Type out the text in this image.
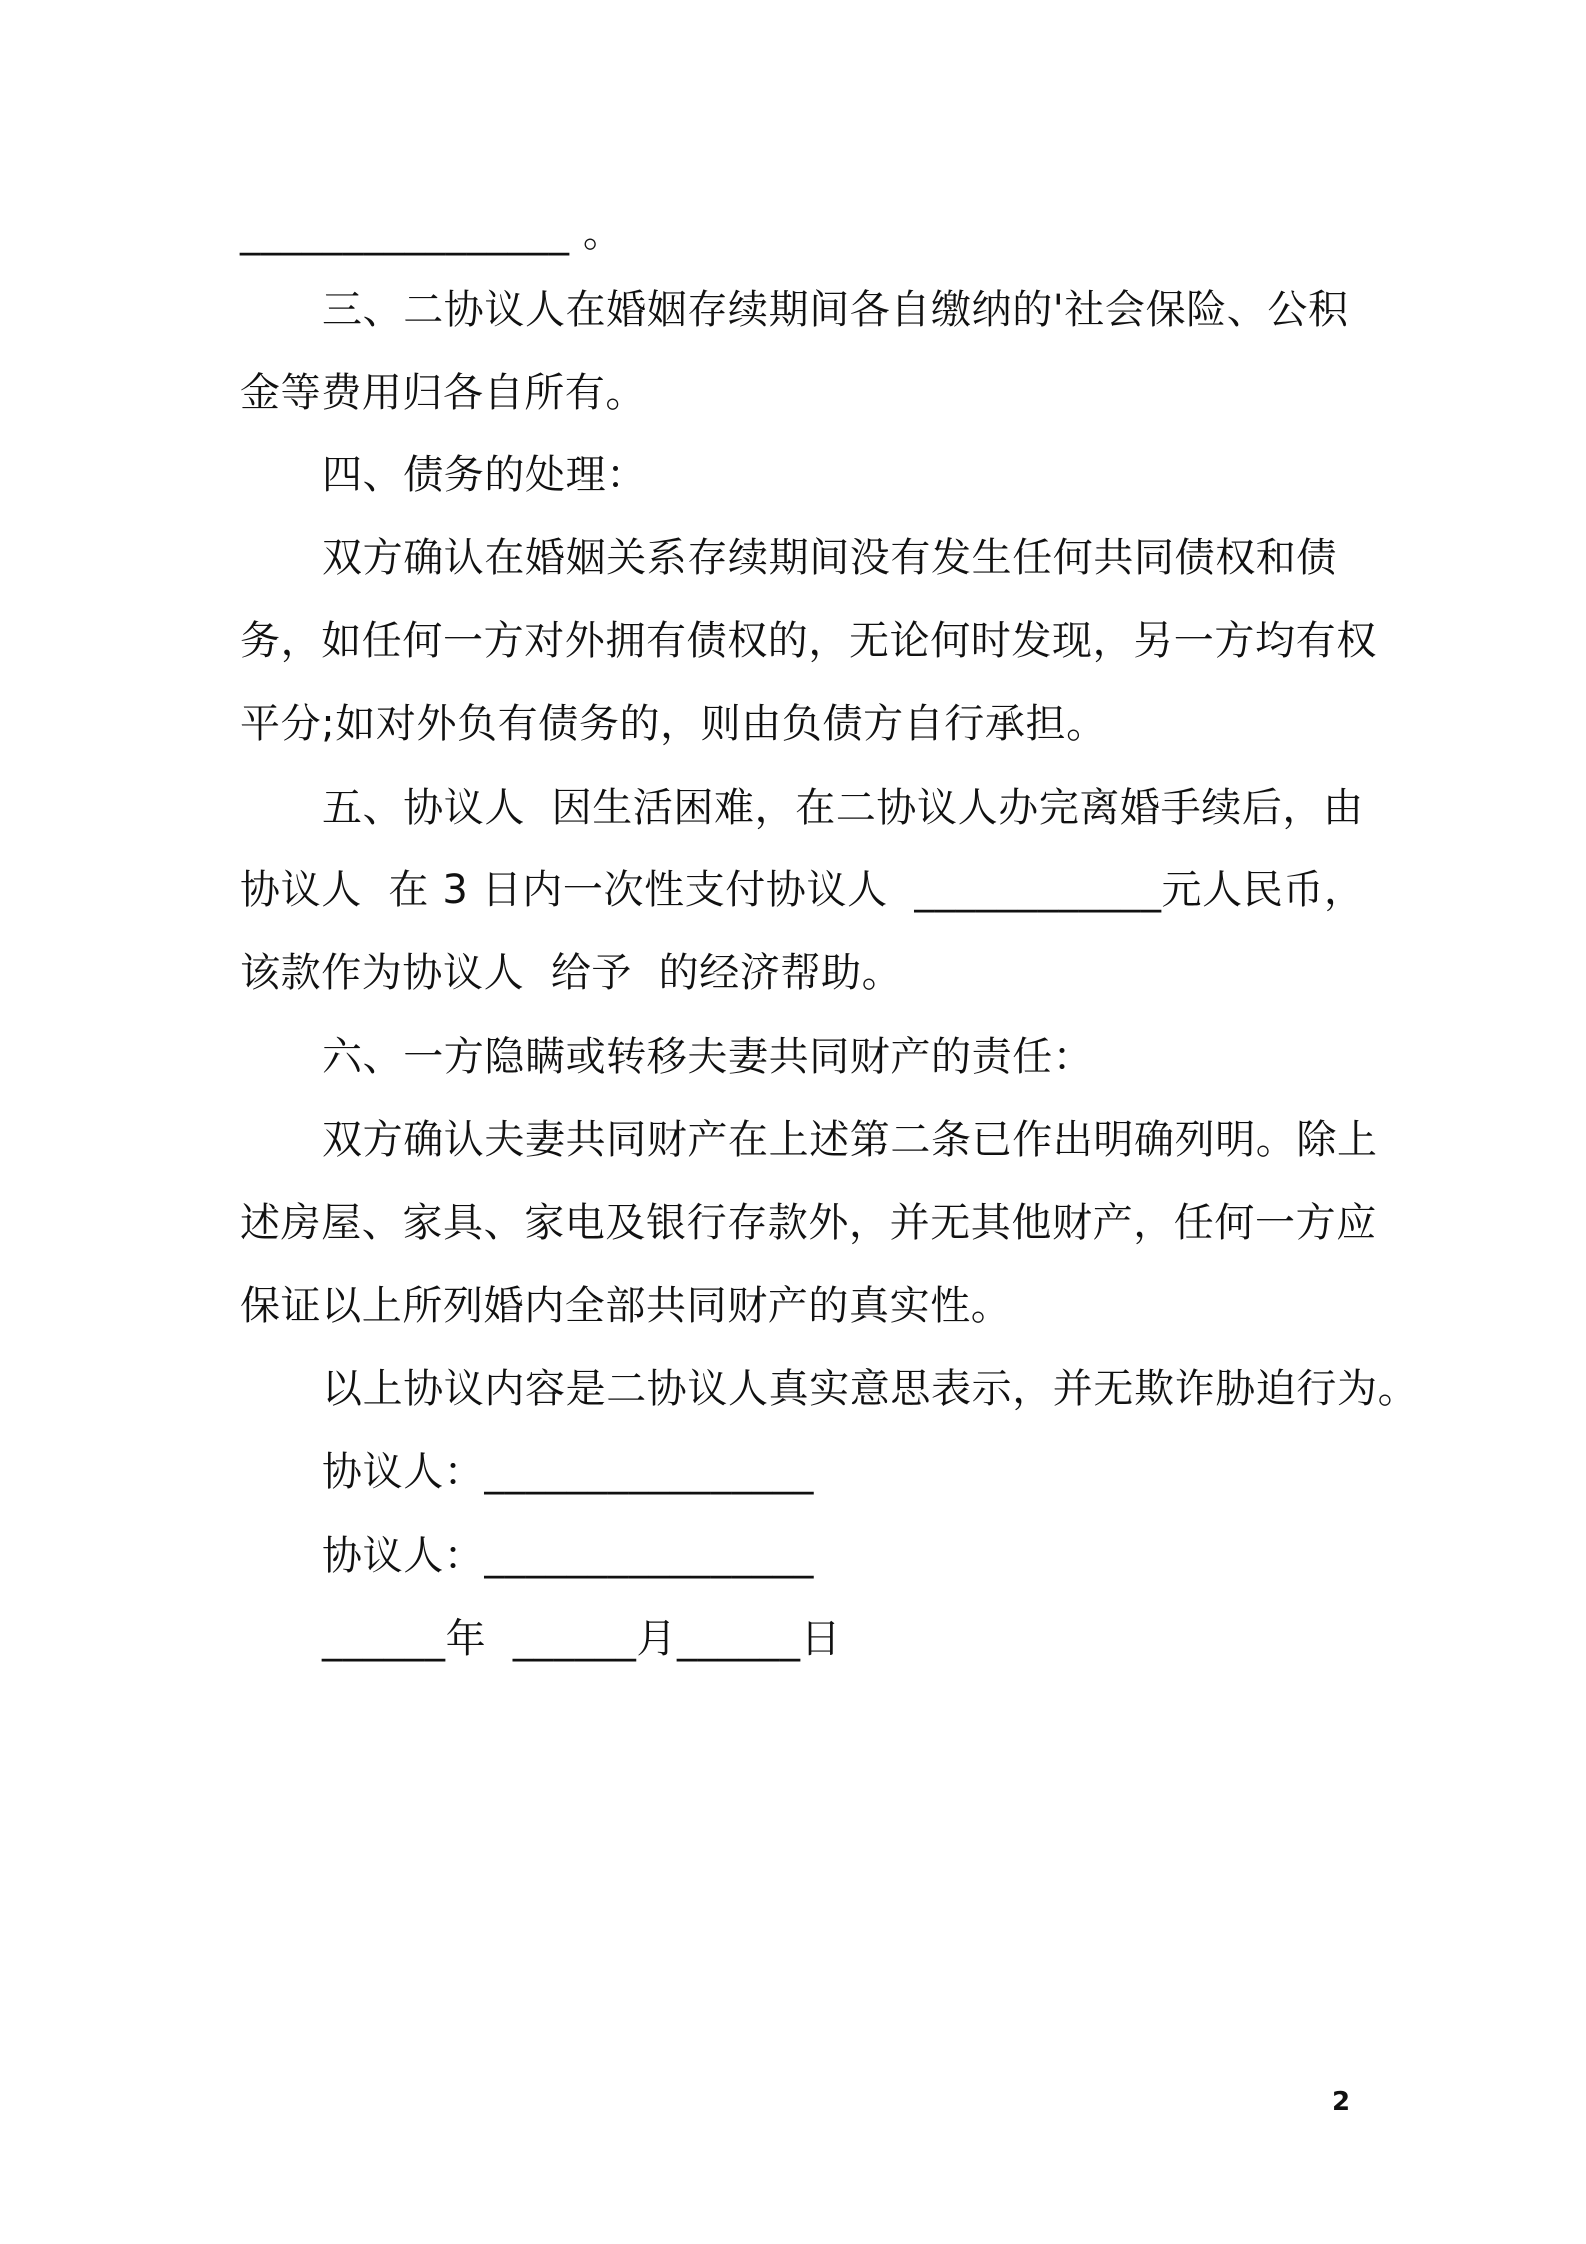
________________ 。
三、二协议人在婚姻存续期间各自缴纳的'社会保险、公积
金等费用归各自所有。
四、债务的处理：
双方确认在婚姻关系存续期间没有发生任何共同债权和债
务，如任何一方对外拥有债权的，无论何时发现，另一方均有权
平分;如对外负有债务的，则由负债方自行承担。
五、协议人  因生活困难，在二协议人办完离婚手续后，由
协议人  在 3 日内一次性支付协议人  ____________元人民币，
该款作为协议人  给予  的经济帮助。
六、一方隐瞒或转移夫妻共同财产的责任：
双方确认夫妻共同财产在上述第二条已作出明确列明。除上
述房屋、家具、家电及银行存款外，并无其他财产，任何一方应
保证以上所列婚内全部共同财产的真实性。
以上协议内容是二协议人真实意思表示，并无欺诈胁迫行为。
协议人：________________
协议人：________________
______年  ______月______日
2
